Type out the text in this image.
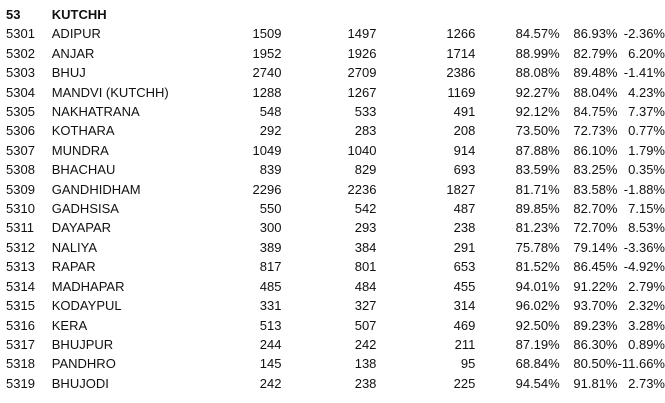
53	KUTCHH						
5301	ADIPUR	1509	1497	1266	84.57%	86.93%	-2.36%
5302	ANJAR	1952	1926	1714	88.99%	82.79%	6.20%
5303	BHUJ	2740	2709	2386	88.08%	89.48%	-1.41%
5304	MANDVI (KUTCHH)	1288	1267	1169	92.27%	88.04%	4.23%
5305	NAKHATRANA	548	533	491	92.12%	84.75%	7.37%
5306	KOTHARA	292	283	208	73.50%	72.73%	0.77%
5307	MUNDRA	1049	1040	914	87.88%	86.10%	1.79%
5308	BHACHAU	839	829	693	83.59%	83.25%	0.35%
5309	GANDHIDHAM	2296	2236	1827	81.71%	83.58%	-1.88%
5310	GADHSISA	550	542	487	89.85%	82.70%	7.15%
5311	DAYAPAR	300	293	238	81.23%	72.70%	8.53%
5312	NALIYA	389	384	291	75.78%	79.14%	-3.36%
5313	RAPAR	817	801	653	81.52%	86.45%	-4.92%
5314	MADHAPAR	485	484	455	94.01%	91.22%	2.79%
5315	KODAYPUL	331	327	314	96.02%	93.70%	2.32%
5316	KERA	513	507	469	92.50%	89.23%	3.28%
5317	BHUJPUR	244	242	211	87.19%	86.30%	0.89%
5318	PANDHRO	145	138	95	68.84%	80.50%	-11.66%
5319	BHUJODI	242	238	225	94.54%	91.81%	2.73%
